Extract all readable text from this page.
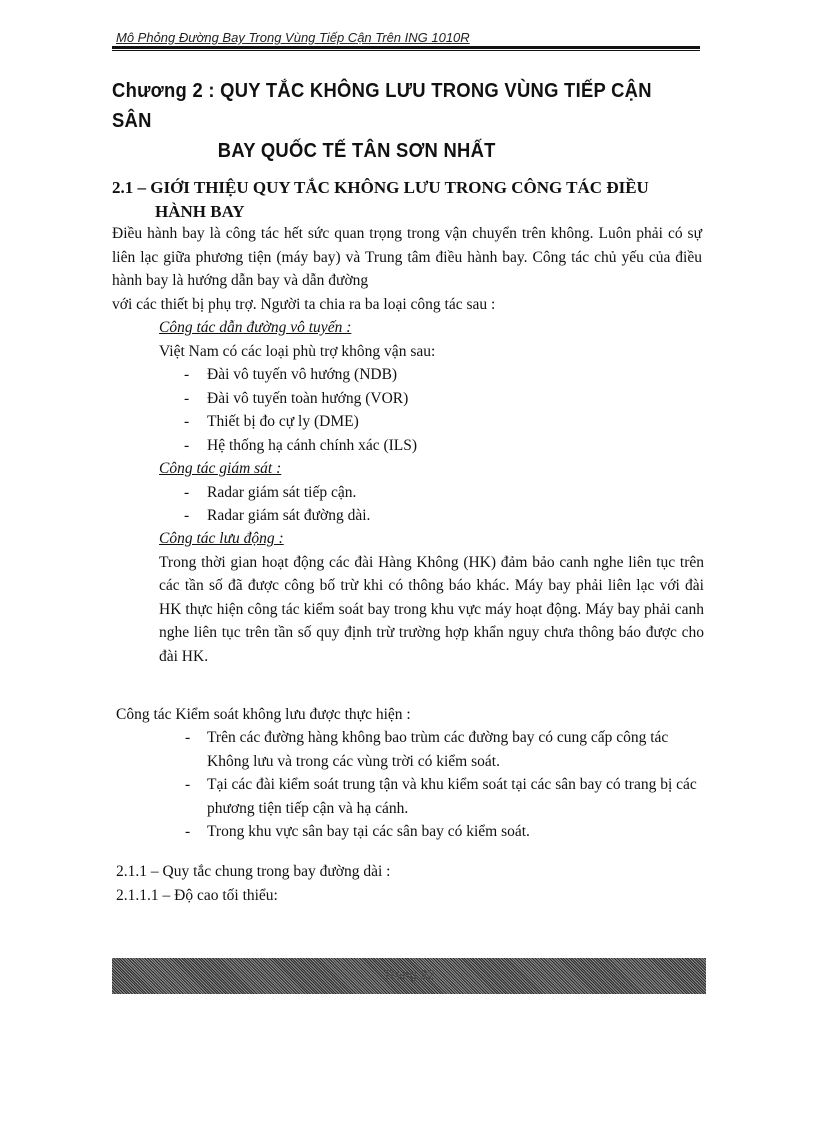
Mô Phỏng Đường Bay Trong Vùng Tiếp Cận Trên ING 1010R
Chương 2 : QUY TẮC KHÔNG LƯU TRONG VÙNG TIẾP CẬN SÂN
BAY QUỐC TẾ TÂN SƠN NHẤT
2.1 – GIỚI THIỆU QUY TẮC KHÔNG LƯU TRONG CÔNG TÁC ĐIỀU
HÀNH BAY
Điều hành bay là công tác hết sức quan trọng trong vận chuyển trên không. Luôn phải có sự liên lạc giữa phương tiện (máy bay) và Trung tâm điều hành bay. Công tác chủ yếu của điều hành bay là hướng dẫn bay và dẫn đường
với các thiết bị phụ trợ. Người ta chia ra ba loại công tác sau :
Công tác dẫn đường vô tuyến :
Việt Nam có các loại phù trợ không vận sau:
- Đài vô tuyến vô hướng (NDB)
- Đài vô tuyến toàn hướng (VOR)
- Thiết bị đo cự ly (DME)
- Hệ thống hạ cánh chính xác (ILS)
Công tác giám sát :
- Radar giám sát tiếp cận.
- Radar giám sát đường dài.
Công tác lưu động :
Trong thời gian hoạt động các đài Hàng Không (HK) đảm bảo canh nghe liên tục trên các tần số đã được công bố trừ khi có thông báo khác. Máy bay phải liên lạc với đài HK thực hiện công tác kiểm soát bay trong khu vực máy hoạt động. Máy bay phải canh nghe liên tục trên tần số quy định trừ trường hợp khẩn nguy chưa thông báo được cho đài HK.
Công tác Kiểm soát không lưu được thực hiện :
- Trên các đường hàng không bao trùm các đường bay có cung cấp công tác Không lưu và trong các vùng trời có kiểm soát.
- Tại các đài kiểm soát trung tận và khu kiểm soát tại các sân bay có trang bị các phương tiện tiếp cận và hạ cánh.
- Trong khu vực sân bay tại các sân bay có kiểm soát.
2.1.1 – Quy tắc chung trong bay đường dài :
2.1.1.1 – Độ cao tối thiểu:
Trang 22
